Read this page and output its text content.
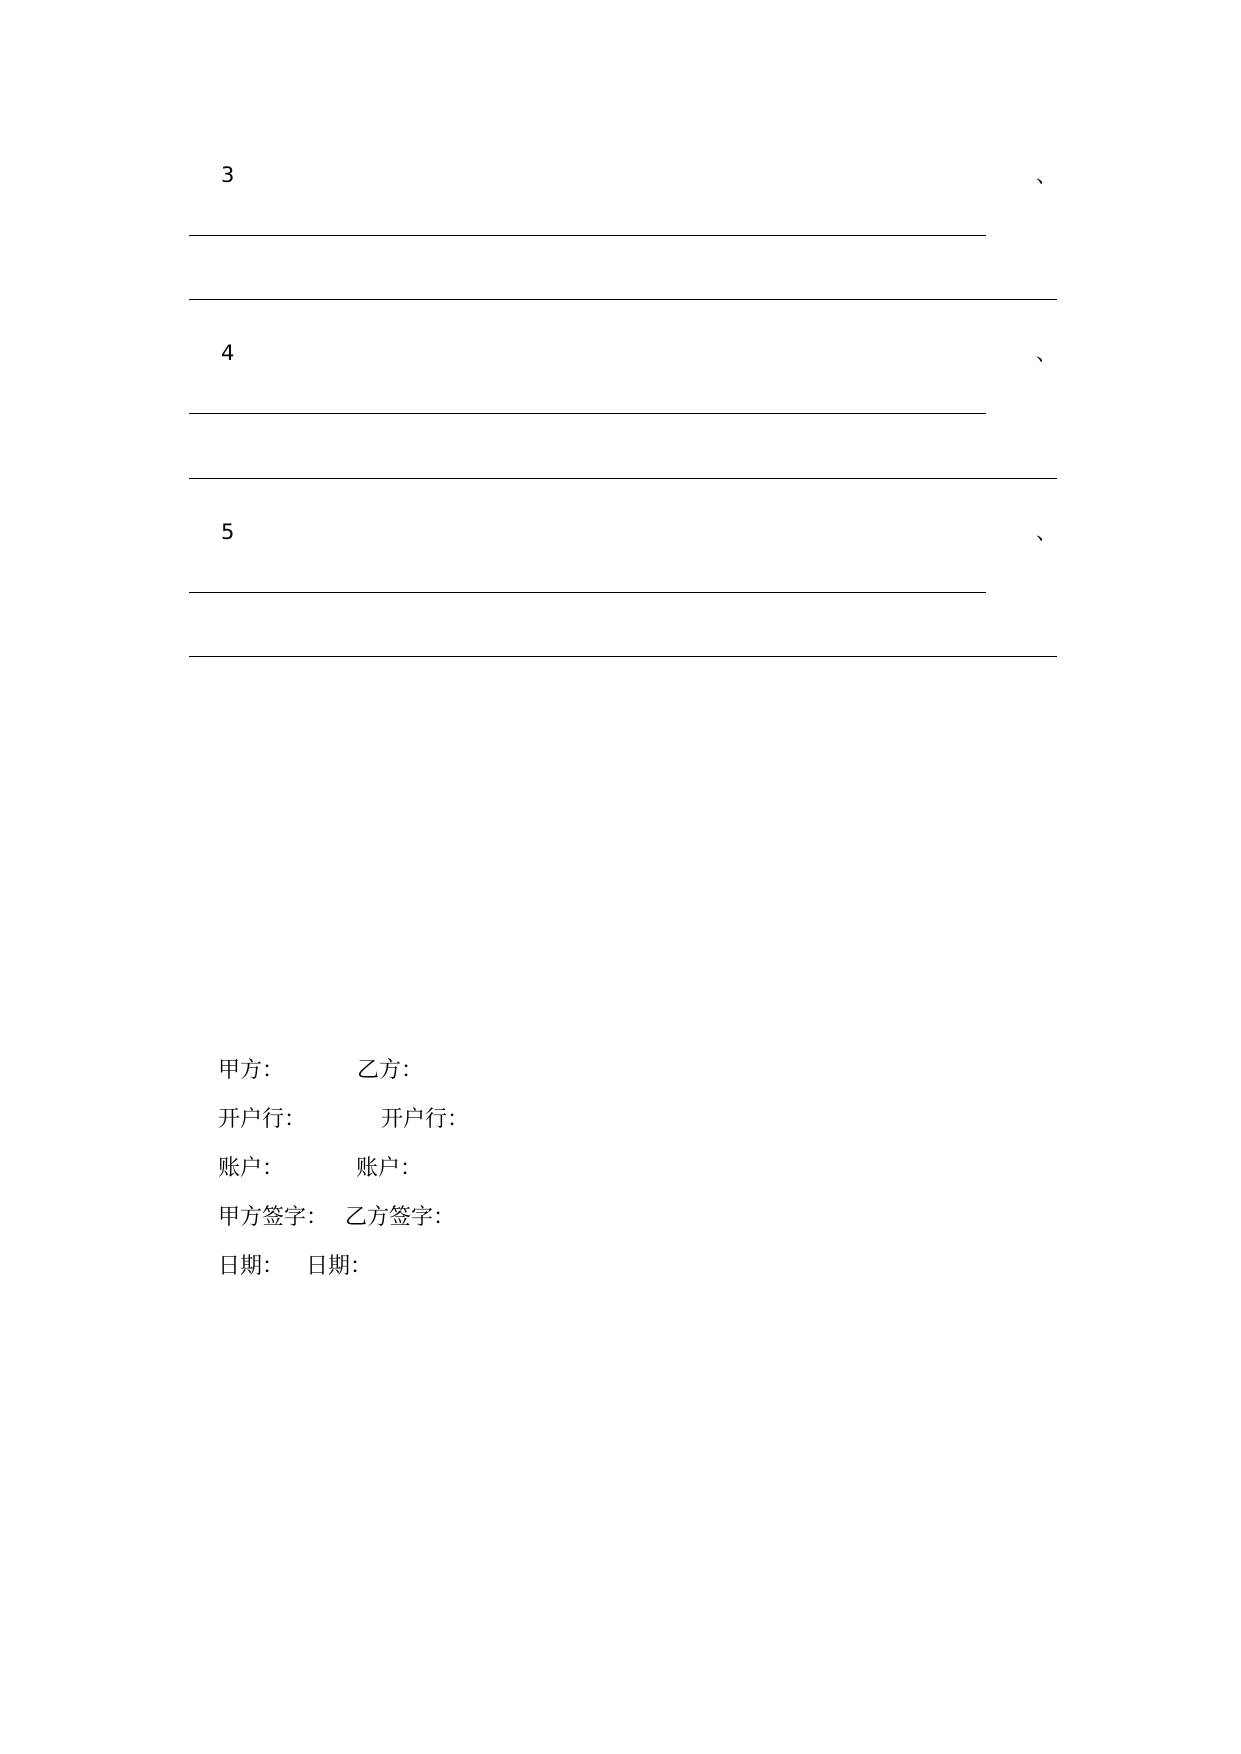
3	、
4	、
5	、
甲方：	乙方：
开户行：	开户行：
账户：	账户：
甲方签字： 乙方签字：
日期： 日期：
